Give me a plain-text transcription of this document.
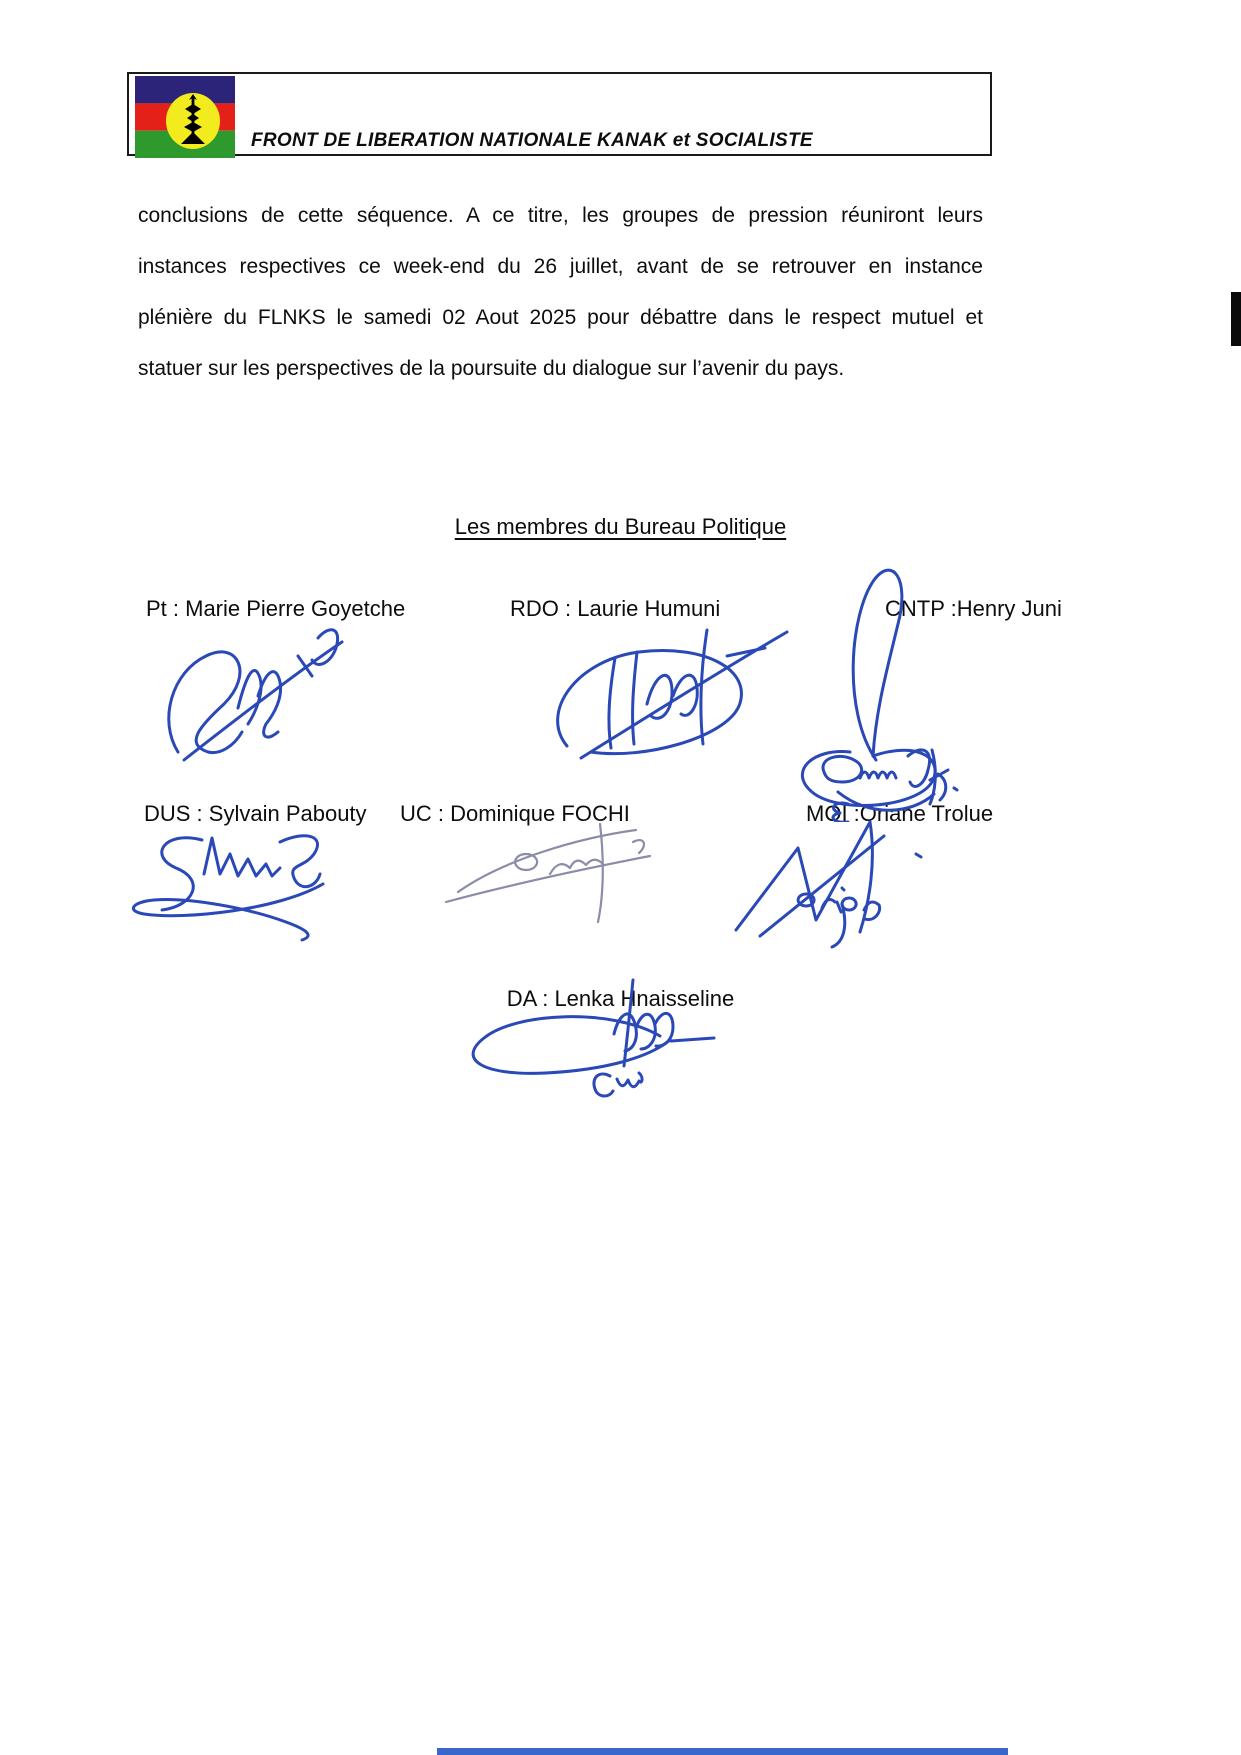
FRONT DE LIBERATION NATIONALE KANAK et SOCIALISTE
conclusions de cette séquence. A ce titre, les groupes de pression réuniront leurs
instances respectives ce week-end du 26 juillet, avant de se retrouver en instance
plénière du FLNKS le samedi 02 Aout 2025 pour débattre dans le respect mutuel et
statuer sur les perspectives de la poursuite du dialogue sur l’avenir du pays.
Les membres du Bureau Politique
Pt : Marie Pierre Goyetche	RDO : Laurie Humuni	CNTP :Henry Juni
DUS : Sylvain Pabouty UC : Dominique FOCHI	MOI :Oriane Trolue
DA : Lenka Hnaisseline
